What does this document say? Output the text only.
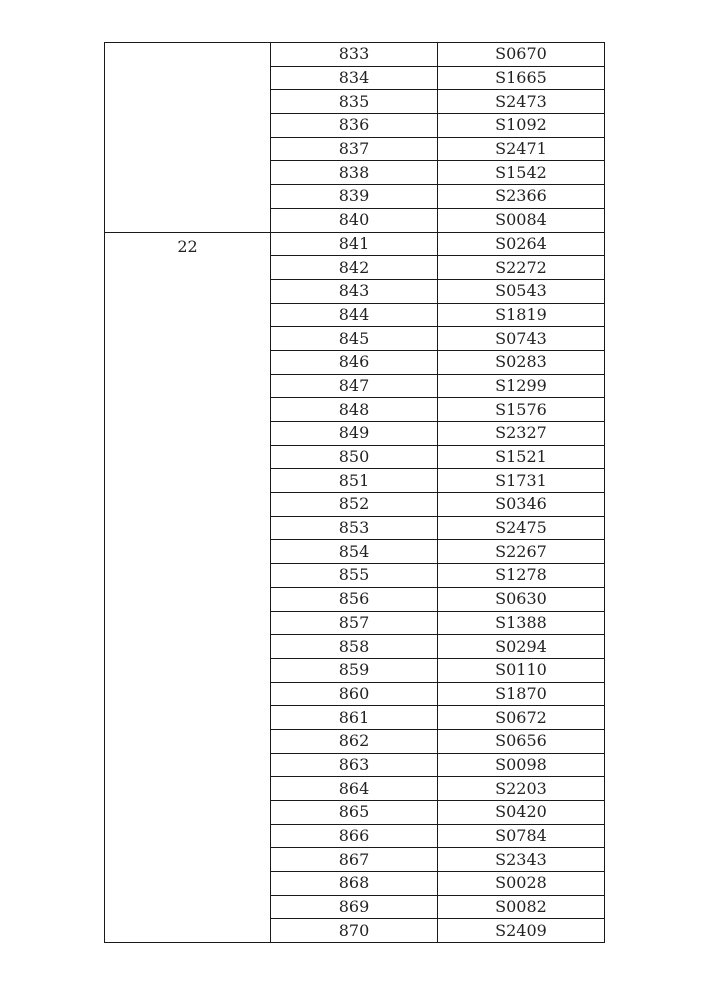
	833	S0670
	834	S1665
	835	S2473
	836	S1092
	837	S2471
	838	S1542
	839	S2366
	840	S0084
22	841	S0264
	842	S2272
	843	S0543
	844	S1819
	845	S0743
	846	S0283
	847	S1299
	848	S1576
	849	S2327
	850	S1521
	851	S1731
	852	S0346
	853	S2475
	854	S2267
	855	S1278
	856	S0630
	857	S1388
	858	S0294
	859	S0110
	860	S1870
	861	S0672
	862	S0656
	863	S0098
	864	S2203
	865	S0420
	866	S0784
	867	S2343
	868	S0028
	869	S0082
	870	S2409
